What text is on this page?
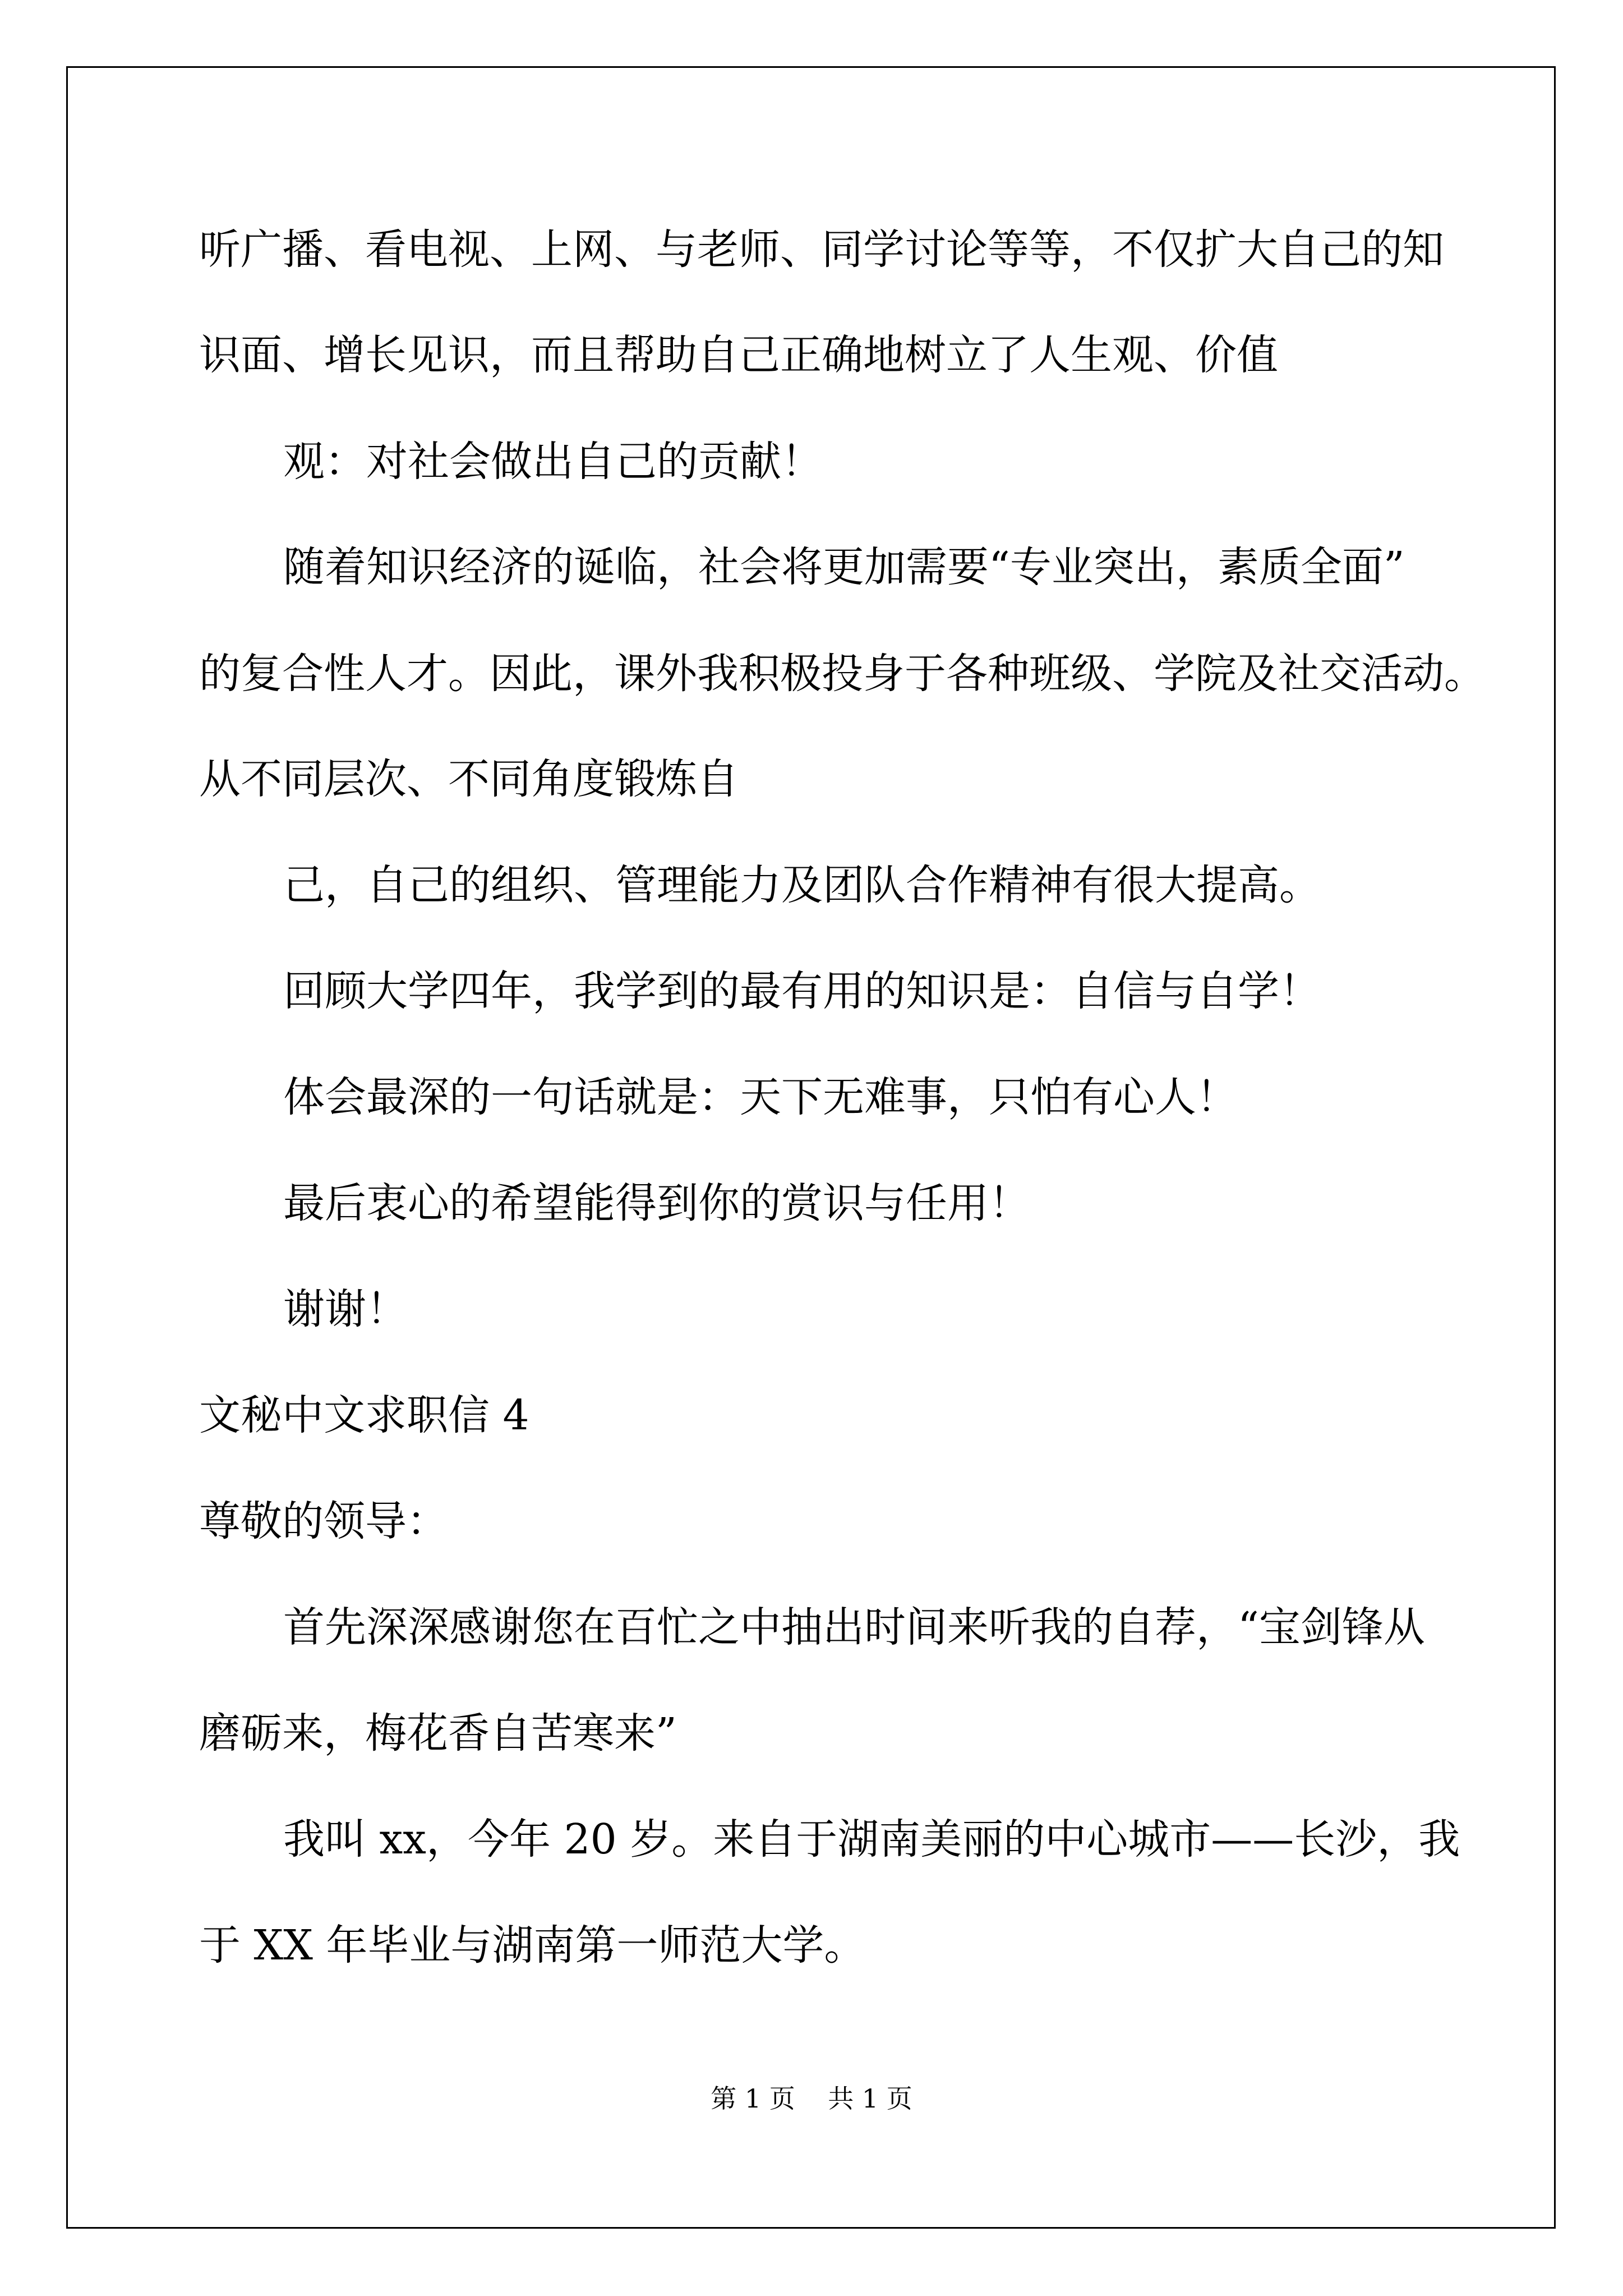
听广播、看电视、上网、与老师、同学讨论等等，不仅扩大自己的知

识面、增长见识，而且帮助自己正确地树立了人生观、价值

观：对社会做出自己的贡献！

随着知识经济的诞临，社会将更加需要“专业突出，素质全面”

的复合性人才。因此，课外我积极投身于各种班级、学院及社交活动。

从不同层次、不同角度锻炼自

己，自己的组织、管理能力及团队合作精神有很大提高。

回顾大学四年，我学到的最有用的知识是：自信与自学！

体会最深的一句话就是：天下无难事，只怕有心人！

最后衷心的希望能得到你的赏识与任用！

谢谢！

文秘中文求职信 4

尊敬的领导：

首先深深感谢您在百忙之中抽出时间来听我的自荐，“宝剑锋从

磨砺来，梅花香自苦寒来”

我叫 xx，今年 20 岁。来自于湖南美丽的中心城市——长沙，我

于 XX 年毕业与湖南第一师范大学。

第 1 页    共 1 页
